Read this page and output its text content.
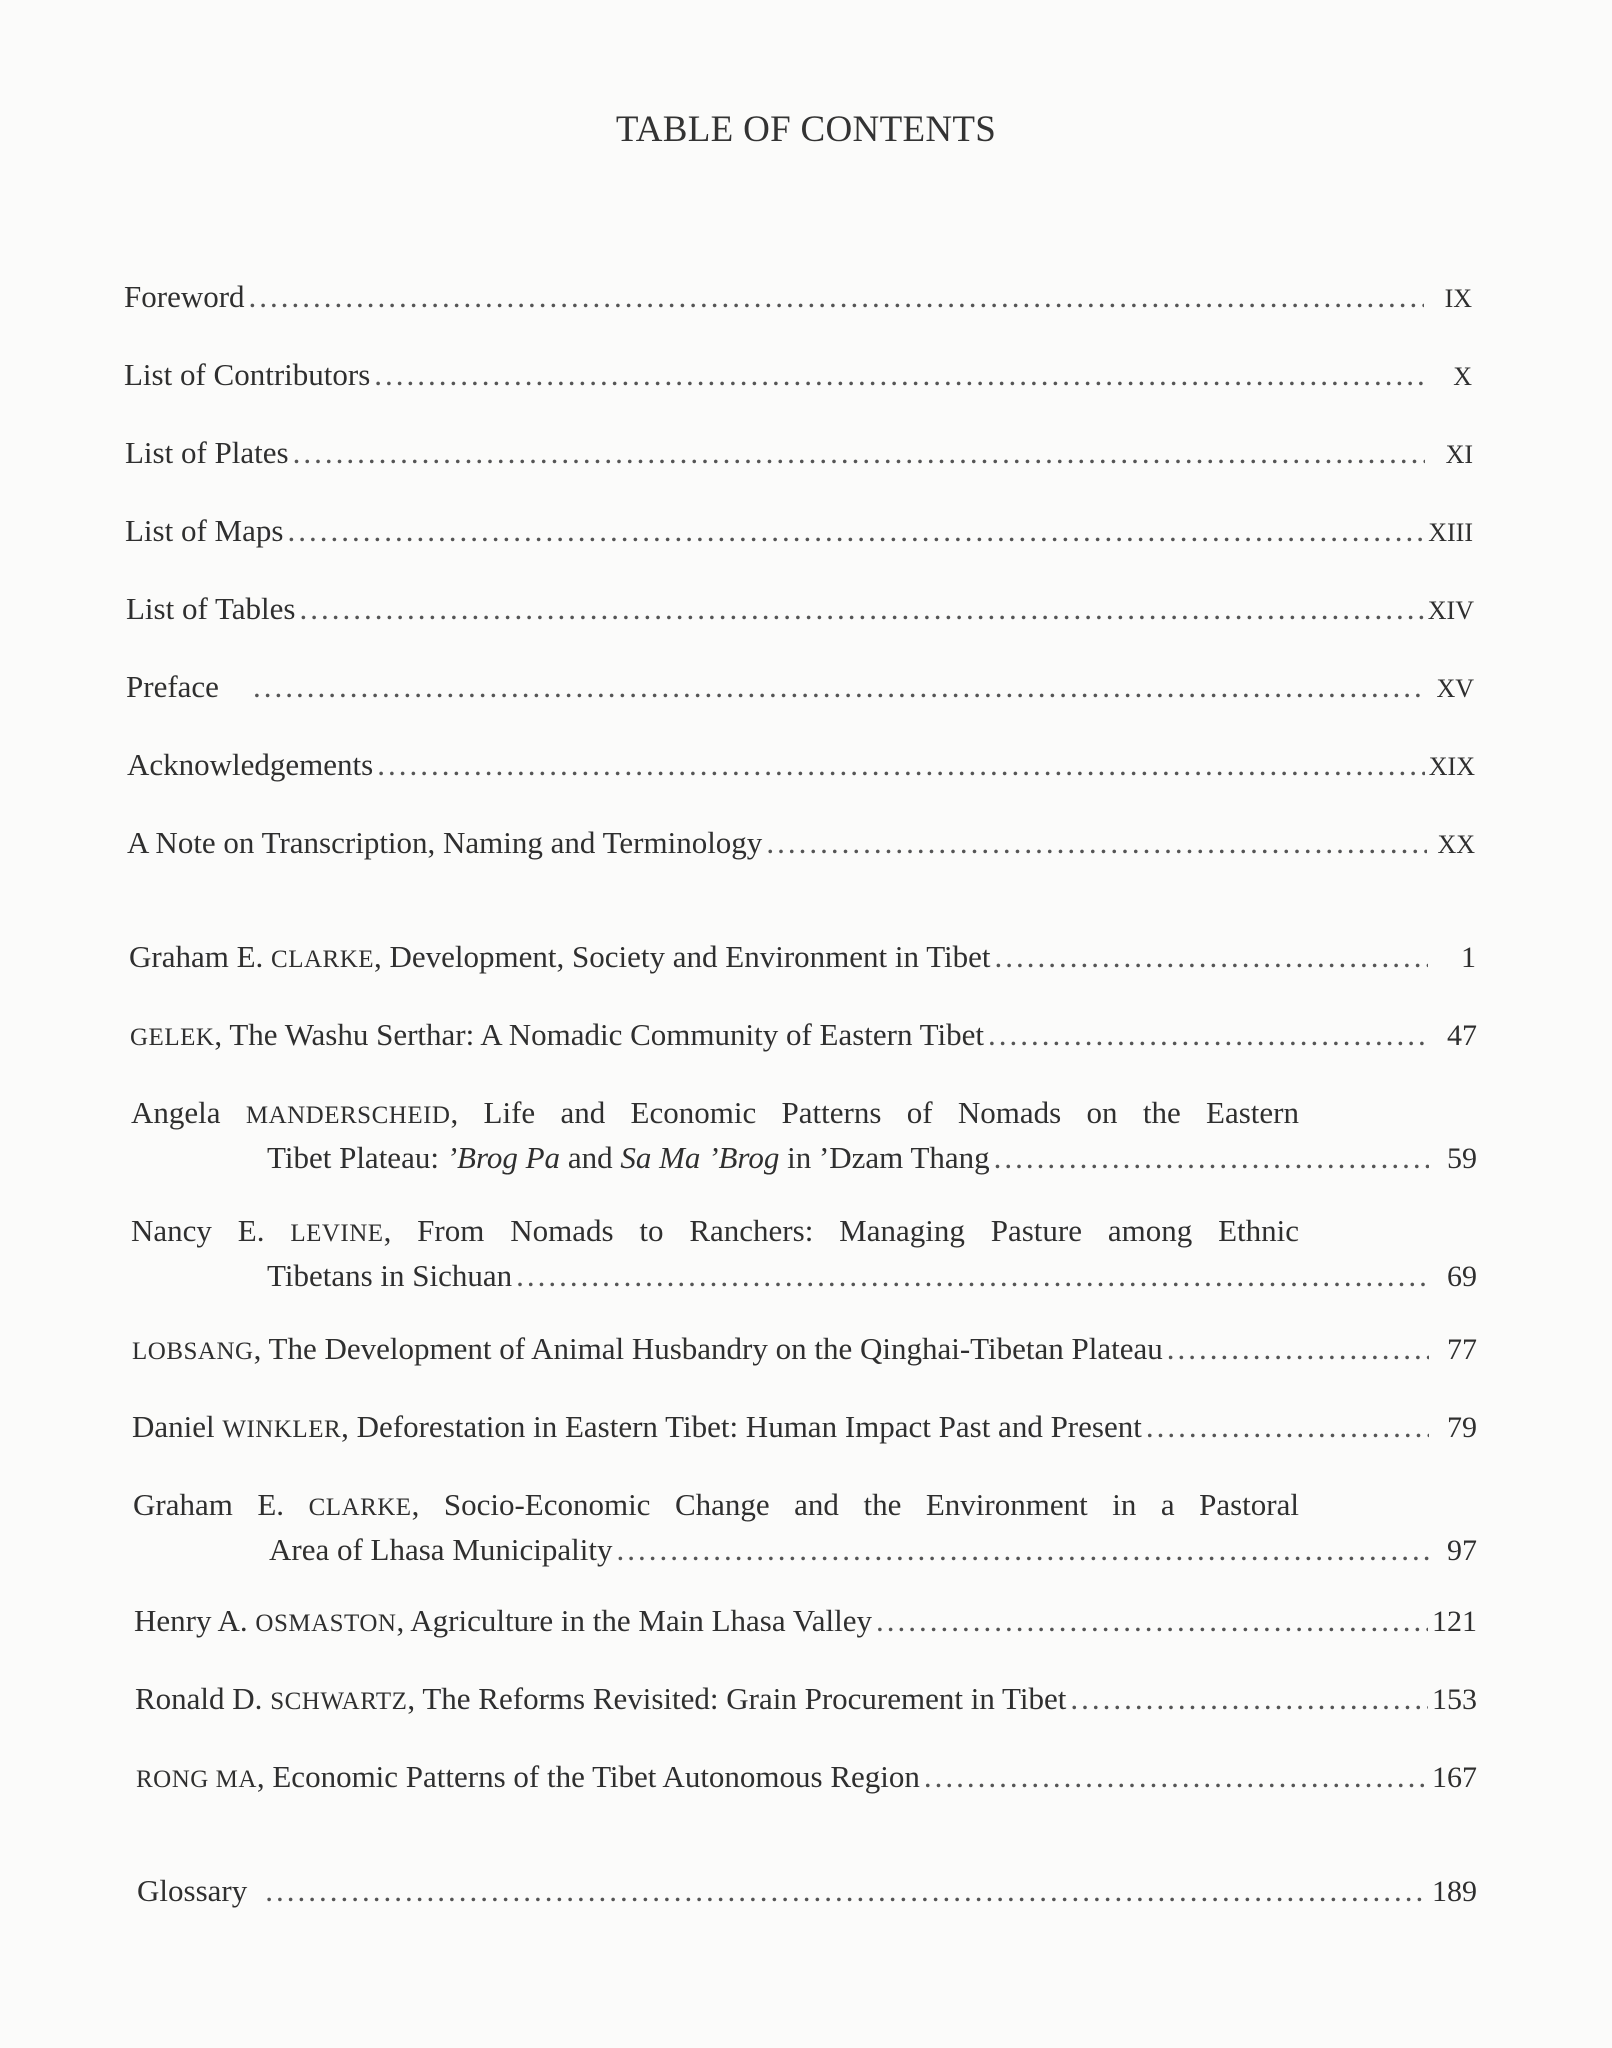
TABLE OF CONTENTS
Foreword .....	IX
List of Contributors .....	X
List of Plates .....	XI
List of Maps .....	XIII
List of Tables .....	XIV
Preface .....	XV
Acknowledgements .....	XIX
A Note on Transcription, Naming and Terminology .....	XX
Graham E. CLARKE, Development, Society and Environment in Tibet .....	1
GELEK, The Washu Serthar: A Nomadic Community of Eastern Tibet .....	47
Angela MANDERSCHEID, Life and Economic Patterns of Nomads on the Eastern
Tibet Plateau: ’Brog Pa and Sa Ma ’Brog in ’Dzam Thang .....	59
Nancy E. LEVINE, From Nomads to Ranchers: Managing Pasture among Ethnic
Tibetans in Sichuan .....	69
LOBSANG, The Development of Animal Husbandry on the Qinghai-Tibetan Plateau .....	77
Daniel WINKLER, Deforestation in Eastern Tibet: Human Impact Past and Present .....	79
Graham E. CLARKE, Socio-Economic Change and the Environment in a Pastoral
Area of Lhasa Municipality .....	97
Henry A. OSMASTON, Agriculture in the Main Lhasa Valley .....	121
Ronald D. SCHWARTZ, The Reforms Revisited: Grain Procurement in Tibet .....	153
RONG MA, Economic Patterns of the Tibet Autonomous Region .....	167
Glossary .....	189
